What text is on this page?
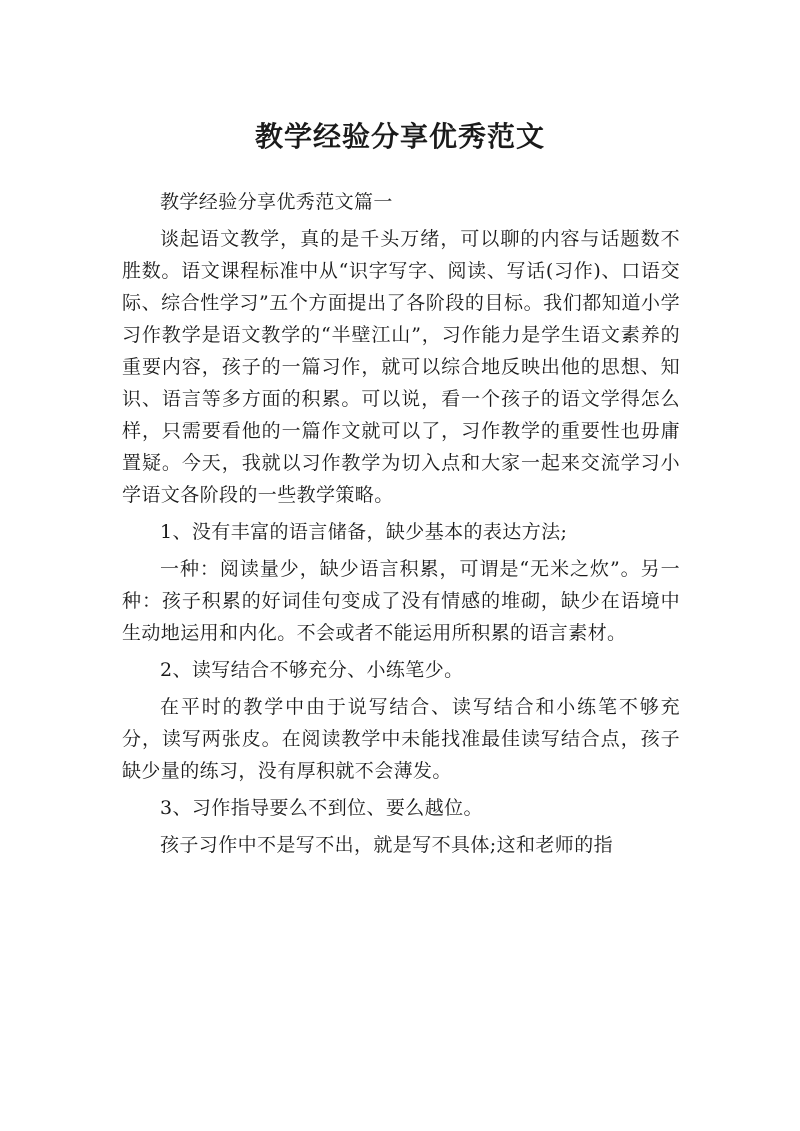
教学经验分享优秀范文

教学经验分享优秀范文篇一

谈起语文教学，真的是千头万绪，可以聊的内容与话题数不胜数。语文课程标准中从“识字写字、阅读、写话(习作)、口语交际、综合性学习”五个方面提出了各阶段的目标。我们都知道小学习作教学是语文教学的“半壁江山”，习作能力是学生语文素养的重要内容，孩子的一篇习作，就可以综合地反映出他的思想、知识、语言等多方面的积累。可以说，看一个孩子的语文学得怎么样，只需要看他的一篇作文就可以了，习作教学的重要性也毋庸置疑。今天，我就以习作教学为切入点和大家一起来交流学习小学语文各阶段的一些教学策略。

1、没有丰富的语言储备，缺少基本的表达方法;

一种：阅读量少，缺少语言积累，可谓是“无米之炊”。另一种：孩子积累的好词佳句变成了没有情感的堆砌，缺少在语境中生动地运用和内化。不会或者不能运用所积累的语言素材。

2、读写结合不够充分、小练笔少。

在平时的教学中由于说写结合、读写结合和小练笔不够充分，读写两张皮。在阅读教学中未能找准最佳读写结合点，孩子缺少量的练习，没有厚积就不会薄发。

3、习作指导要么不到位、要么越位。

孩子习作中不是写不出，就是写不具体;这和老师的指
